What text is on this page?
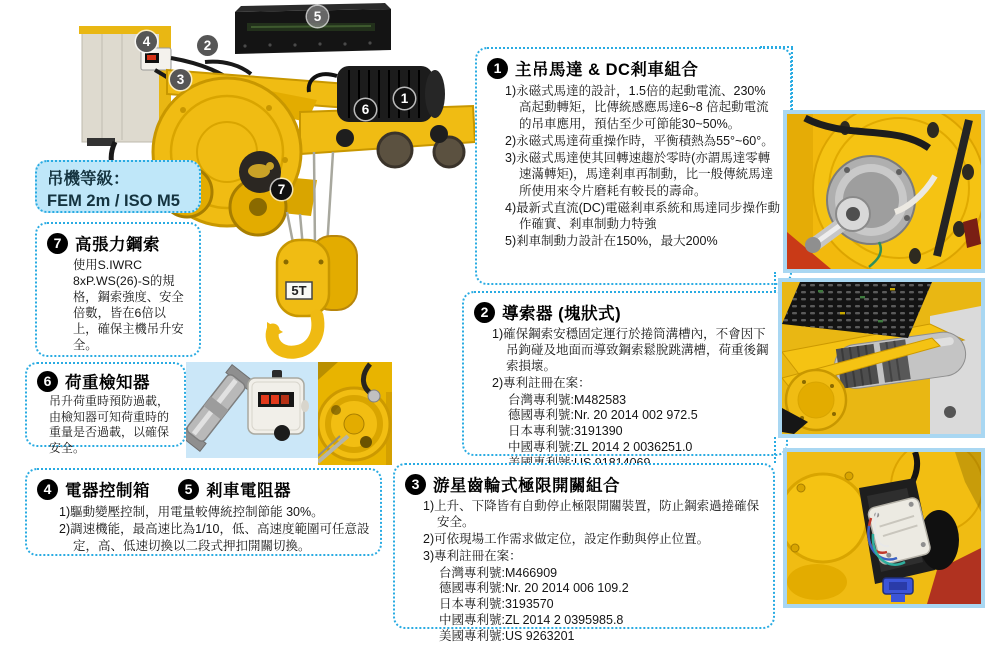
5T
1
2
3
4
5
6
7
吊機等級：
FEM 2m / ISO M5
7 高張力鋼索
使用S.IWRC 8xP.WS(26)-S的規格，鋼索強度、安全倍數，皆在6倍以上，確保主機吊升安全。
6 荷重檢知器
吊升荷重時預防過載，由檢知器可知荷重時的重量是否過載，以確保安全。
4 電器控制箱	5 剎車電阻器
1)驅動變壓控制，用電量較傳統控制節能 30%。
2)調速機能，最高速比為1/10，低、高速度範圍可任意設定，高、低速切換以二段式押扣開關切換。
1 主吊馬達 & DC剎車組合
1)永磁式馬達的設計，1.5倍的起動電流、230% 高起動轉矩，比傳統感應馬達6~8 倍起動電流的吊車應用，預估至少可節能30~50%。
2)永磁式馬達荷重操作時，平衡積熱為55°~60°。
3)永磁式馬達使其回轉速趨於零時(亦謂馬達零轉速滿轉矩)，馬達剎車再制動，比一般傳統馬達所使用來令片磨耗有較長的壽命。
4)最新式直流(DC)電磁剎車系統和馬達同步操作動作確實、剎車制動力特強
5)剎車制動力設計在150%，最大200%
2 導索器 (塊狀式)
1)確保鋼索安穩固定運行於捲筒溝槽內，不會因下吊鉤碰及地面而導致鋼索鬆脫跳溝槽，荷重後鋼索損壞。
2)專利註冊在案：
台灣專利號:M482583
德國專利號:Nr. 20 2014 002 972.5
日本專利號:3191390
中國專利號:ZL 2014 2 0036251.0
3 游星齒輪式極限開關組合
1)上升、下降皆有自動停止極限開關裝置，防止鋼索過捲確保安全。
2)可依現場工作需求做定位，設定作動與停止位置。
3)專利註冊在案：
台灣專利號:M466909
德國專利號:Nr. 20 2014 006 109.2
日本專利號:3193570
中國專利號:ZL 2014 2 0395985.8
美國專利號:US 9263201
